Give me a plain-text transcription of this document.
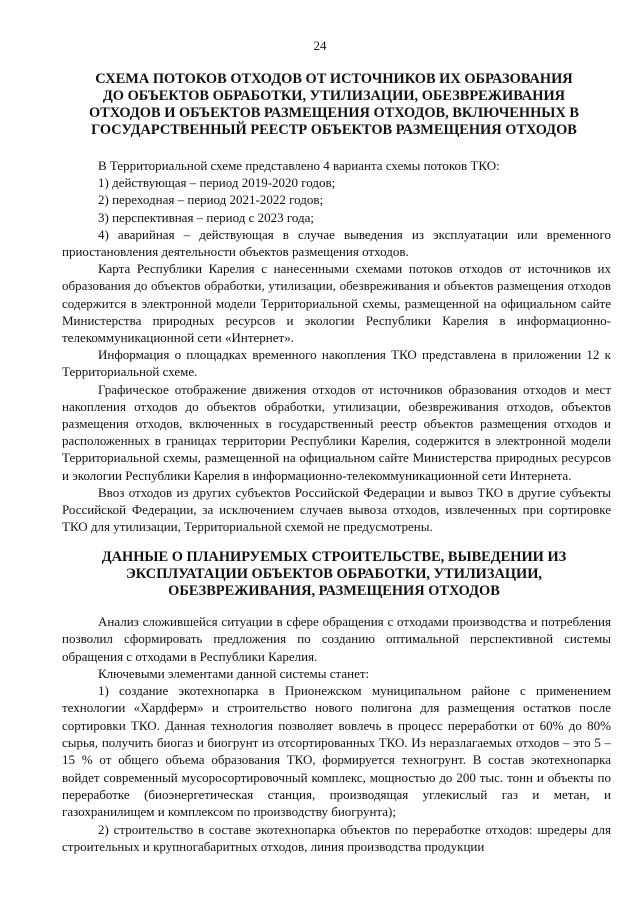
24
СХЕМА ПОТОКОВ ОТХОДОВ ОТ ИСТОЧНИКОВ ИХ ОБРАЗОВАНИЯ
ДО ОБЪЕКТОВ ОБРАБОТКИ, УТИЛИЗАЦИИ, ОБЕЗВРЕЖИВАНИЯ
ОТХОДОВ И ОБЪЕКТОВ РАЗМЕЩЕНИЯ ОТХОДОВ, ВКЛЮЧЕННЫХ В
ГОСУДАРСТВЕННЫЙ РЕЕСТР ОБЪЕКТОВ РАЗМЕЩЕНИЯ ОТХОДОВ

В Территориальной схеме представлено 4 варианта схемы потоков ТКО:

1) действующая – период 2019-2020 годов;

2) переходная – период 2021-2022 годов;

3) перспективная – период с 2023 года;

4) аварийная – действующая в случае выведения из эксплуатации или временного приостановления деятельности объектов размещения отходов.

Карта Республики Карелия с нанесенными схемами потоков отходов от источников их образования до объектов обработки, утилизации, обезвреживания и объектов размещения отходов содержится в электронной модели Территориальной схемы, размещенной на официальном сайте Министерства природных ресурсов и экологии Республики Карелия в информационно-телекоммуникационной сети «Интернет».

Информация о площадках временного накопления ТКО представлена в приложении 12 к Территориальной схеме.

Графическое отображение движения отходов от источников образования отходов и мест накопления отходов до объектов обработки, утилизации, обезвреживания отходов, объектов размещения отходов, включенных в государственный реестр объектов размещения отходов и расположенных в границах территории Республики Карелия, содержится в электронной модели Территориальной схемы, размещенной на официальном сайте Министерства природных ресурсов и экологии Республики Карелия в информационно-телекоммуникационной сети Интернета.

Ввоз отходов из других субъектов Российской Федерации и вывоз ТКО в другие субъекты Российской Федерации, за исключением случаев вывоза отходов, извлеченных при сортировке ТКО для утилизации, Территориальной схемой не предусмотрены.

ДАННЫЕ О ПЛАНИРУЕМЫХ СТРОИТЕЛЬСТВЕ, ВЫВЕДЕНИИ ИЗ
ЭКСПЛУАТАЦИИ ОБЪЕКТОВ ОБРАБОТКИ, УТИЛИЗАЦИИ,
ОБЕЗВРЕЖИВАНИЯ, РАЗМЕЩЕНИЯ ОТХОДОВ

Анализ сложившейся ситуации в сфере обращения с отходами производства и потребления позволил сформировать предложения по созданию оптимальной перспективной системы обращения с отходами в Республики Карелия.

Ключевыми элементами данной системы станет:

1) создание экотехнопарка в Прионежском муниципальном районе с применением технологии «Хардферм» и строительство нового полигона для размещения остатков после сортировки ТКО. Данная технология позволяет вовлечь в процесс переработки от 60% до 80% сырья, получить биогаз и биогрунт из отсортированных ТКО. Из неразлагаемых отходов – это 5 – 15 % от общего объема образования ТКО, формируется техногрунт. В состав экотехнопарка войдет современный мусоросортировочный комплекс, мощностью до 200 тыс. тонн и объекты по переработке (биоэнергетическая станция, производящая углекислый газ и метан, и газохранилищем и комплексом по производству биогрунта);

2) строительство в составе экотехнопарка объектов по переработке отходов: шредеры для строительных и крупногабаритных отходов, линия производства продукции
